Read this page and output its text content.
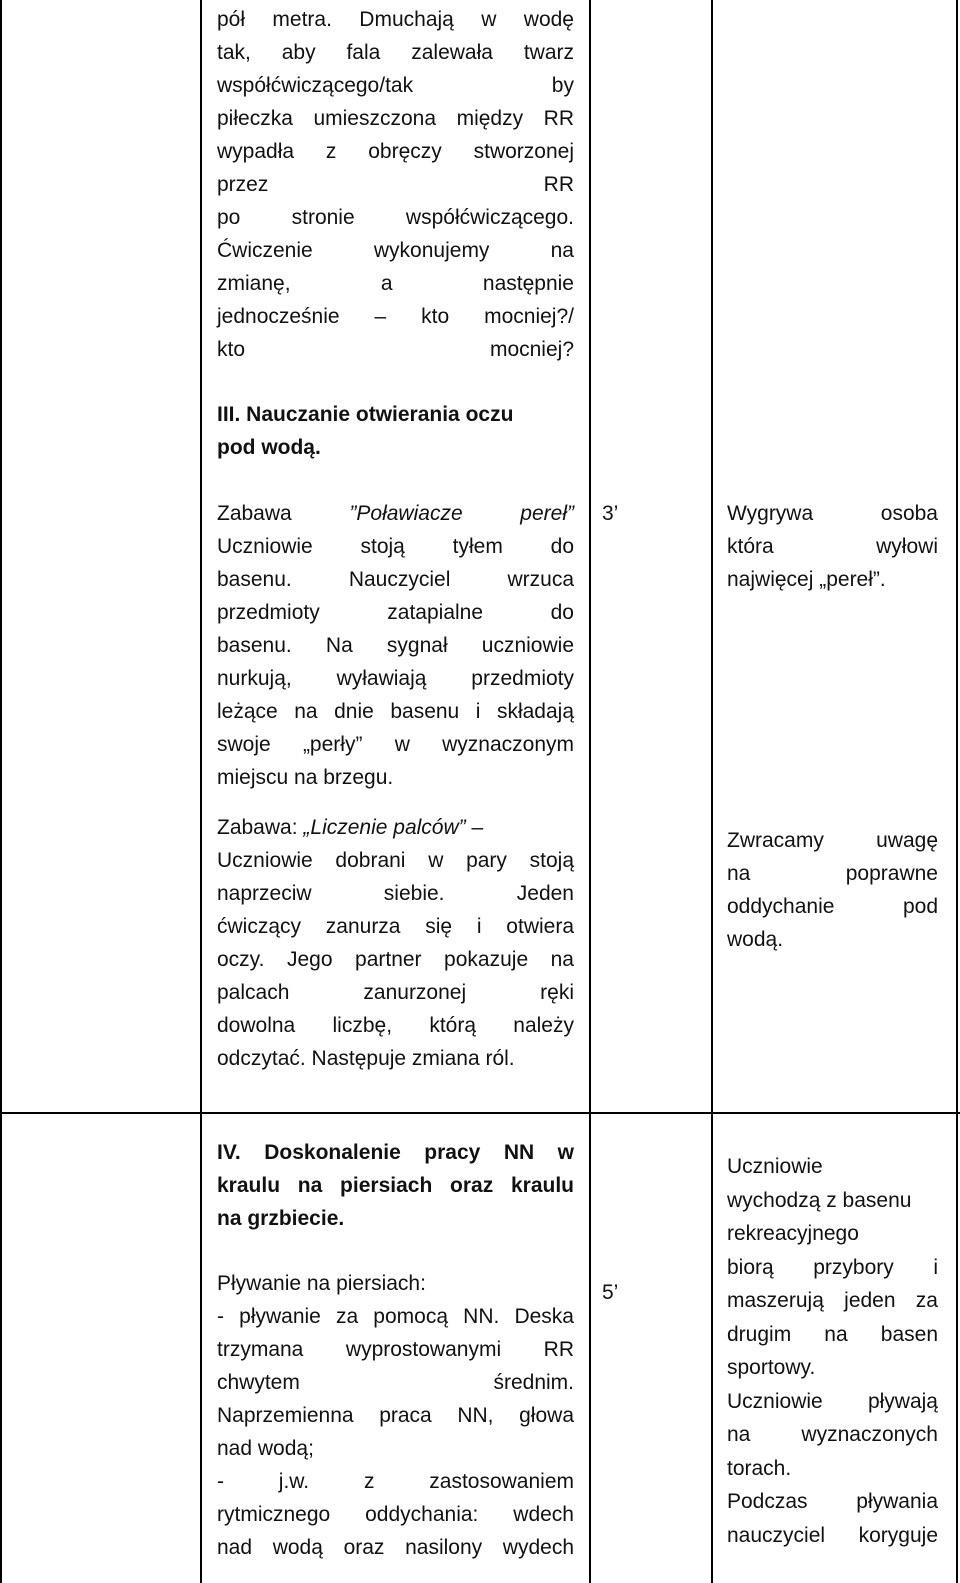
pół metra. Dmuchają w wodę
tak, aby fala zalewała twarz
współćwiczącego/tak by
piłeczka umieszczona między RR
wypadła z obręczy stworzonej
przez RR
po stronie współćwiczącego.
Ćwiczenie wykonujemy na
zmianę, a następnie
jednocześnie – kto mocniej?/
kto mocniej?
III. Nauczanie otwierania oczu
pod wodą.
Zabawa ”Poławiacze pereł”
Uczniowie stoją tyłem do
basenu. Nauczyciel wrzuca
przedmioty zatapialne do
basenu. Na sygnał uczniowie
nurkują, wyławiają przedmioty
leżące na dnie basenu i składają
swoje „perły” w wyznaczonym
miejscu na brzegu.
Zabawa: „Liczenie palców” –
Uczniowie dobrani w pary stoją
naprzeciw siebie. Jeden
ćwiczący zanurza się i otwiera
oczy. Jego partner pokazuje na
palcach zanurzonej ręki
dowolna liczbę, którą należy
odczytać. Następuje zmiana ról.
3’	Wygrywa osoba
która wyłowi
najwięcej „pereł”.
Zwracamy uwagę
na poprawne
oddychanie pod
wodą.
IV. Doskonalenie pracy NN w
kraulu na piersiach oraz kraulu
na grzbiecie.
Pływanie na piersiach:
- pływanie za pomocą NN. Deska
trzymana wyprostowanymi RR
chwytem średnim.
Naprzemienna praca NN, głowa
nad wodą;
- j.w. z zastosowaniem
rytmicznego oddychania: wdech
nad wodą oraz nasilony wydech
5’
Uczniowie
wychodzą z basenu
rekreacyjnego
biorą przybory i
maszerują jeden za
drugim na basen
sportowy.
Uczniowie pływają
na wyznaczonych
torach.
Podczas pływania
nauczyciel koryguje
